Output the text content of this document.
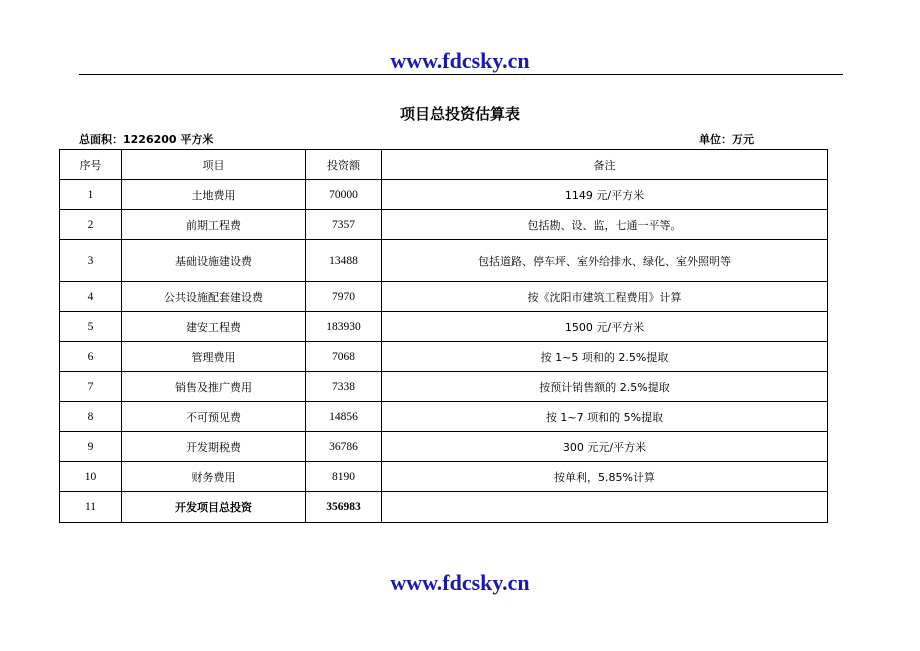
www.fdcsky.cn
项目总投资估算表
总面积：1226200 平方米	单位：万元
序号	项目	投资额	备注
1	土地费用	70000	1149 元/平方米
2	前期工程费	7357	包括勘、设、监，七通一平等。
3	基础设施建设费	13488	包括道路、停车坪、室外给排水、绿化、室外照明等
4	公共设施配套建设费	7970	按《沈阳市建筑工程费用》计算
5	建安工程费	183930	1500 元/平方米
6	管理费用	7068	按 1~5 项和的 2.5%提取
7	销售及推广费用	7338	按预计销售额的 2.5%提取
8	不可预见费	14856	按 1~7 项和的 5%提取
9	开发期税费	36786	300 元元/平方米
10	财务费用	8190	按单利，5.85%计算
11	开发项目总投资	356983	
www.fdcsky.cn
